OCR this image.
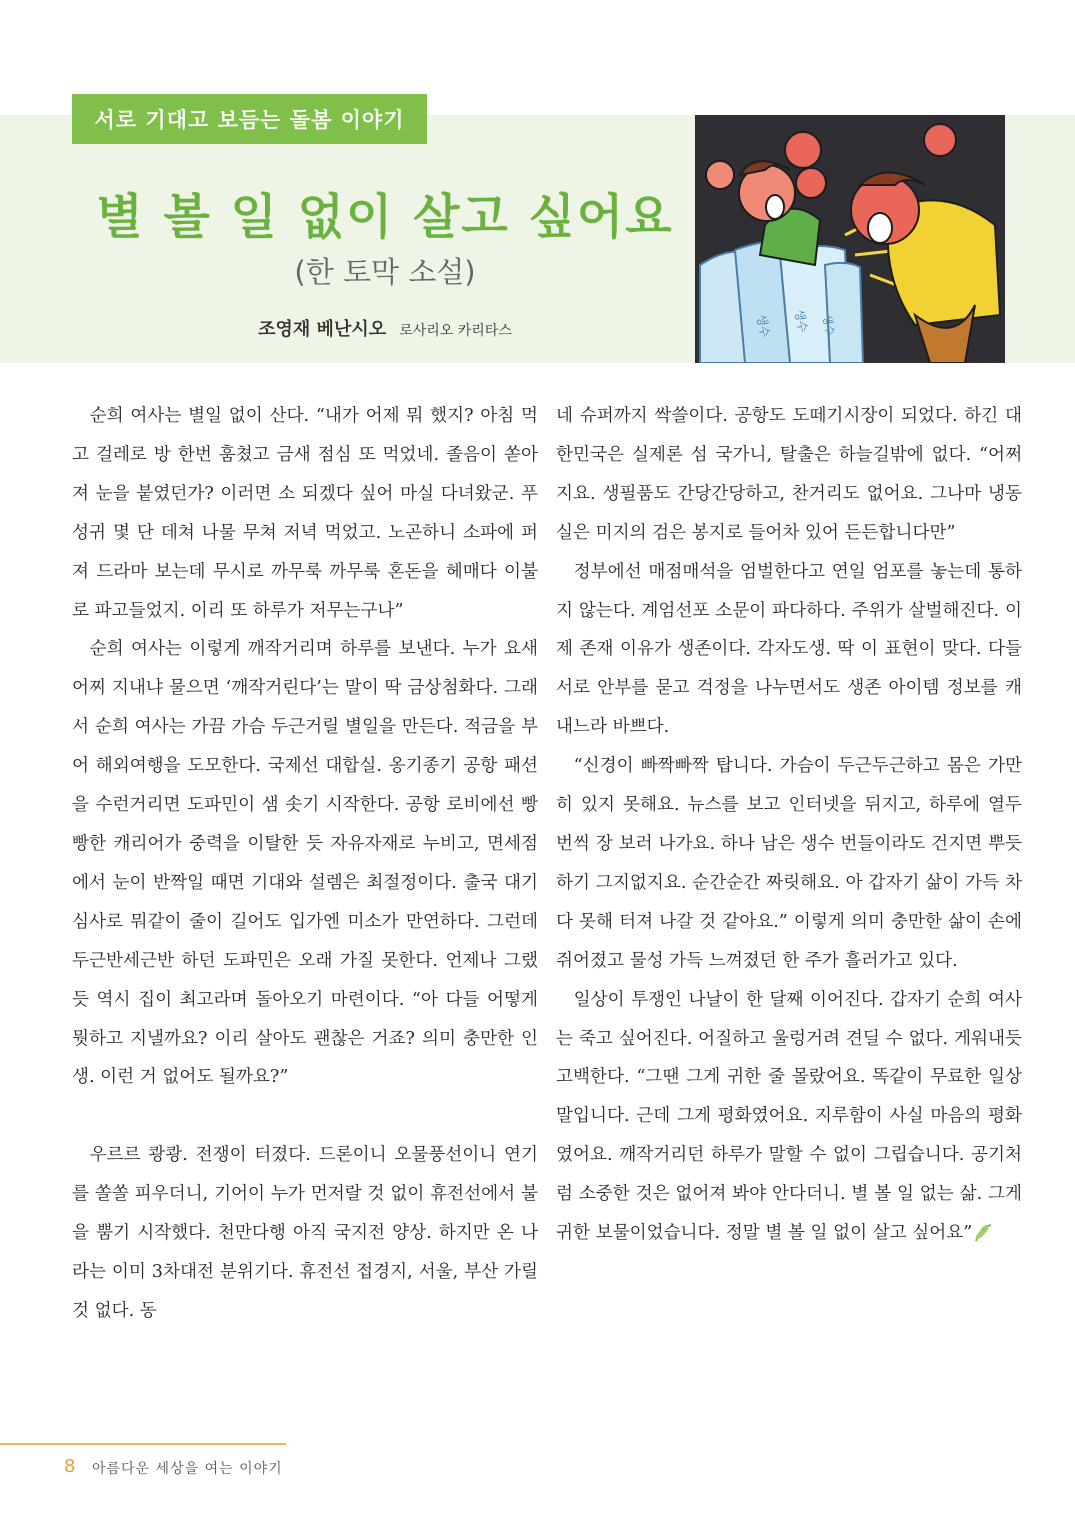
서로 기대고 보듬는 돌봄 이야기
별 볼 일 없이 살고 싶어요
(한 토막 소설)
조영재 베난시오 로사리오 카리타스	생수 생수 생수

순희 여사는 별일 없이 산다. “내가 어제 뭐 했지? 아침 먹고 걸레로 방 한번 훔쳤고 금새 점심 또 먹었네. 졸음이 쏟아져 눈을 붙였던가? 이러면 소 되겠다 싶어 마실 다녀왔군. 푸성귀 몇 단 데쳐 나물 무쳐 저녁 먹었고. 노곤하니 소파에 퍼져 드라마 보는데 무시로 까무룩 까무룩 혼돈을 헤매다 이불로 파고들었지. 이리 또 하루가 저무는구나”

순희 여사는 이렇게 깨작거리며 하루를 보낸다. 누가 요새 어찌 지내냐 물으면 ‘깨작거린다’는 말이 딱 금상첨화다. 그래서 순희 여사는 가끔 가슴 두근거릴 별일을 만든다. 적금을 부어 해외여행을 도모한다. 국제선 대합실. 옹기종기 공항 패션을 수런거리면 도파민이 샘 솟기 시작한다. 공항 로비에선 빵빵한 캐리어가 중력을 이탈한 듯 자유자재로 누비고, 면세점에서 눈이 반짝일 때면 기대와 설렘은 최절정이다. 출국 대기 심사로 뭐같이 줄이 길어도 입가엔 미소가 만연하다. 그런데 두근반세근반 하던 도파민은 오래 가질 못한다. 언제나 그랬듯 역시 집이 최고라며 돌아오기 마련이다. “아 다들 어떻게 뭣하고 지낼까요? 이리 살아도 괜찮은 거죠? 의미 충만한 인생. 이런 거 없어도 될까요?”

우르르 쾅쾅. 전쟁이 터졌다. 드론이니 오물풍선이니 연기를 쏠쏠 피우더니, 기어이 누가 먼저랄 것 없이 휴전선에서 불을 뿜기 시작했다. 천만다행 아직 국지전 양상. 하지만 온 나라는 이미 3차대전 분위기다. 휴전선 접경지, 서울, 부산 가릴 것 없다. 동

네 슈퍼까지 싹쓸이다. 공항도 도떼기시장이 되었다. 하긴 대한민국은 실제론 섬 국가니, 탈출은 하늘길밖에 없다. “어쩌지요. 생필품도 간당간당하고, 찬거리도 없어요. 그나마 냉동실은 미지의 검은 봉지로 들어차 있어 든든합니다만”

정부에선 매점매석을 엄벌한다고 연일 엄포를 놓는데 통하지 않는다. 계엄선포 소문이 파다하다. 주위가 살벌해진다. 이제 존재 이유가 생존이다. 각자도생. 딱 이 표현이 맞다. 다들 서로 안부를 묻고 걱정을 나누면서도 생존 아이템 정보를 캐내느라 바쁘다.

“신경이 빠짝빠짝 탑니다. 가슴이 두근두근하고 몸은 가만히 있지 못해요. 뉴스를 보고 인터넷을 뒤지고, 하루에 열두 번씩 장 보러 나가요. 하나 남은 생수 번들이라도 건지면 뿌듯하기 그지없지요. 순간순간 짜릿해요. 아 갑자기 삶이 가득 차다 못해 터져 나갈 것 같아요.” 이렇게 의미 충만한 삶이 손에 쥐어졌고 물성 가득 느껴졌던 한 주가 흘러가고 있다.

일상이 투쟁인 나날이 한 달째 이어진다. 갑자기 순희 여사는 죽고 싶어진다. 어질하고 울렁거려 견딜 수 없다. 게워내듯 고백한다. “그땐 그게 귀한 줄 몰랐어요. 똑같이 무료한 일상 말입니다. 근데 그게 평화였어요. 지루함이 사실 마음의 평화였어요. 깨작거리던 하루가 말할 수 없이 그립습니다. 공기처럼 소중한 것은 없어져 봐야 안다더니. 별 볼 일 없는 삶. 그게 귀한 보물이었습니다. 정말 별 볼 일 없이 살고 싶어요”

8 아름다운 세상을 여는 이야기
